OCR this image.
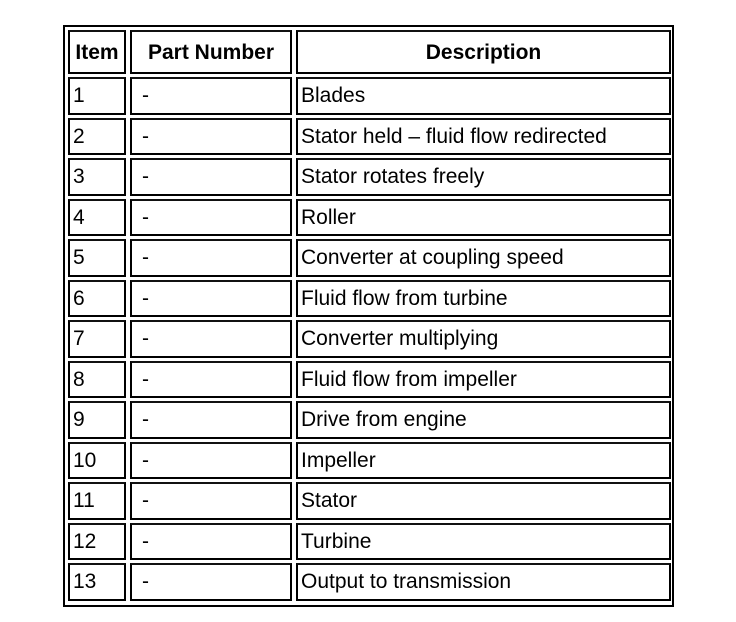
Item	Part Number	Description
1	-	Blades
2	-	Stator held – fluid flow redirected
3	-	Stator rotates freely
4	-	Roller
5	-	Converter at coupling speed
6	-	Fluid flow from turbine
7	-	Converter multiplying
8	-	Fluid flow from impeller
9	-	Drive from engine
10	-	Impeller
11	-	Stator
12	-	Turbine
13	-	Output to transmission
